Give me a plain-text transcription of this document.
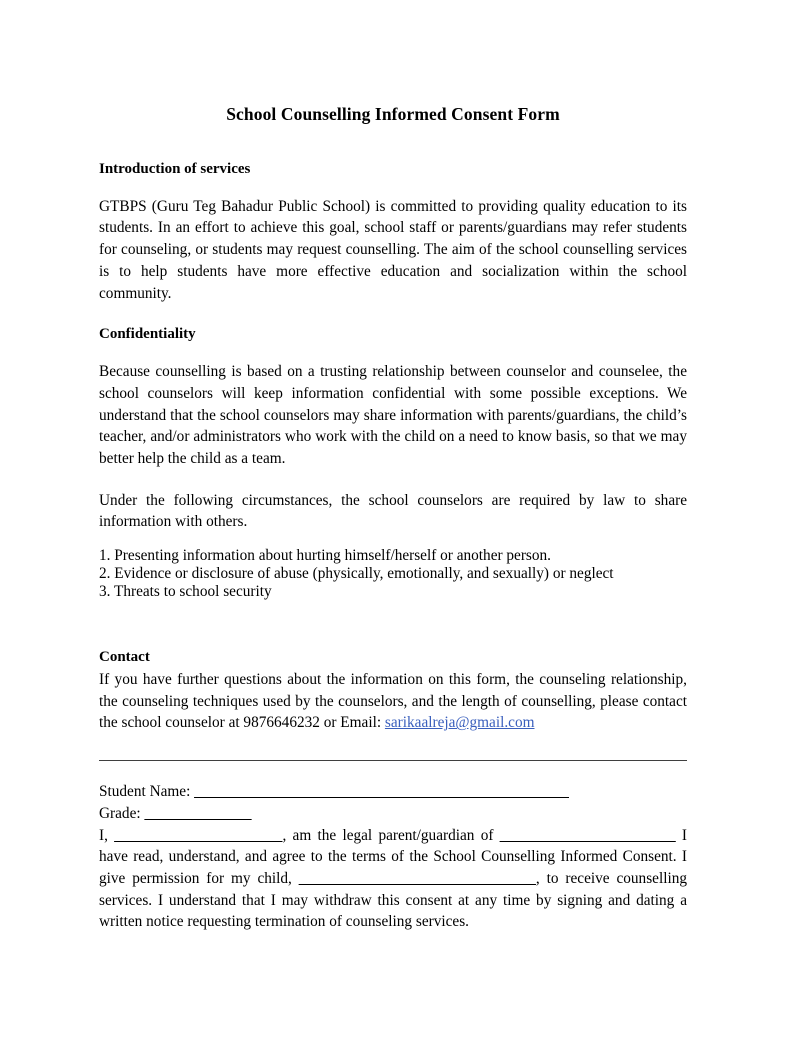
School Counselling Informed Consent Form
Introduction of services

GTBPS (Guru Teg Bahadur Public School) is committed to providing quality education to its students. In an effort to achieve this goal, school staff or parents/guardians may refer students for counseling, or students may request counselling. The aim of the school counselling services is to help students have more effective education and socialization within the school community.

Confidentiality

Because counselling is based on a trusting relationship between counselor and counselee, the school counselors will keep information confidential with some possible exceptions. We understand that the school counselors may share information with parents/guardians, the child’s teacher, and/or administrators who work with the child on a need to know basis, so that we may better help the child as a team.

Under the following circumstances, the school counselors are required by law to share information with others.

1. Presenting information about hurting himself/herself or another person.
2. Evidence or disclosure of abuse (physically, emotionally, and sexually) or neglect
3. Threats to school security
Contact

If you have further questions about the information on this form, the counseling relationship, the counseling techniques used by the counselors, and the length of counselling, please contact the school counselor at 9876646232 or Email: sarikaalreja@gmail.com

Student Name: _________________________________________________
Grade: ______________

I, ______________________, am the legal parent/guardian of _______________________ I have read, understand, and agree to the terms of the School Counselling Informed Consent. I give permission for my child, _______________________________, to receive counselling services. I understand that I may withdraw this consent at any time by signing and dating a written notice requesting termination of counseling services.
